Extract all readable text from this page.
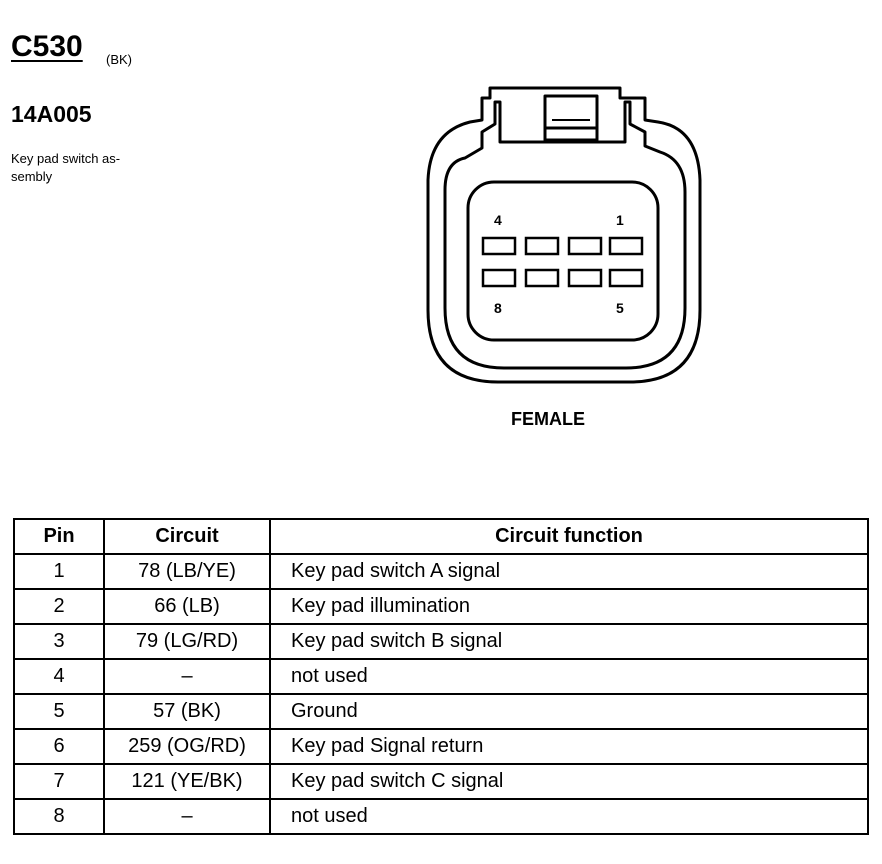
C530 (BK)
14A005
Key pad switch as-sembly
4	1
8	5
FEMALE
Pin	Circuit	Circuit function
1	78 (LB/YE)	Key pad switch A signal
2	66 (LB)	Key pad illumination
3	79 (LG/RD)	Key pad switch B signal
4	–	not used
5	57 (BK)	Ground
6	259 (OG/RD)	Key pad Signal return
7	121 (YE/BK)	Key pad switch C signal
8	–	not used
